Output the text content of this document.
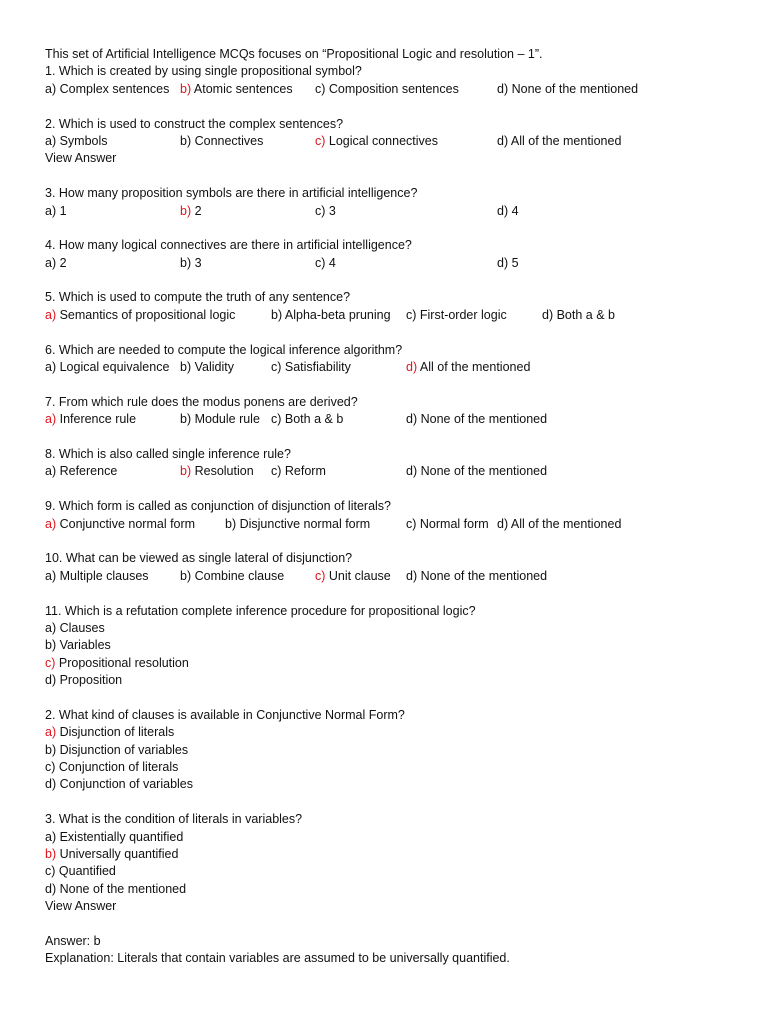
This set of Artificial Intelligence MCQs focuses on “Propositional Logic and resolution – 1”.
1. Which is created by using single propositional symbol?
a) Complex sentences b) Atomic sentences c) Composition sentences	d) None of the mentioned
2. Which is used to construct the complex sentences?
a) Symbols	b) Connectives	c) Logical connectives	d) All of the mentioned
View Answer
3. How many proposition symbols are there in artificial intelligence?
a) 1	b) 2	c) 3	d) 4
4. How many logical connectives are there in artificial intelligence?
a) 2	b) 3	c) 4	d) 5
5. Which is used to compute the truth of any sentence?
a) Semantics of propositional logic	b) Alpha-beta pruning c) First-order logic	d) Both a & b
6. Which are needed to compute the logical inference algorithm?
a) Logical equivalence b) Validity	c) Satisfiability	d) All of the mentioned
7. From which rule does the modus ponens are derived?
a) Inference rule	b) Module rule c) Both a & b	d) None of the mentioned
8. Which is also called single inference rule?
a) Reference	b) Resolution c) Reform	d) None of the mentioned
9. Which form is called as conjunction of disjunction of literals?
a) Conjunctive normal form b) Disjunctive normal form	c) Normal form d) All of the mentioned
10. What can be viewed as single lateral of disjunction?
a) Multiple clauses	b) Combine clause c) Unit clause d) None of the mentioned
11. Which is a refutation complete inference procedure for propositional logic?
a) Clauses
b) Variables
c) Propositional resolution
d) Proposition
2. What kind of clauses is available in Conjunctive Normal Form?
a) Disjunction of literals
b) Disjunction of variables
c) Conjunction of literals
d) Conjunction of variables
3. What is the condition of literals in variables?
a) Existentially quantified
b) Universally quantified
c) Quantified
d) None of the mentioned
View Answer
Answer: b
Explanation: Literals that contain variables are assumed to be universally quantified.
